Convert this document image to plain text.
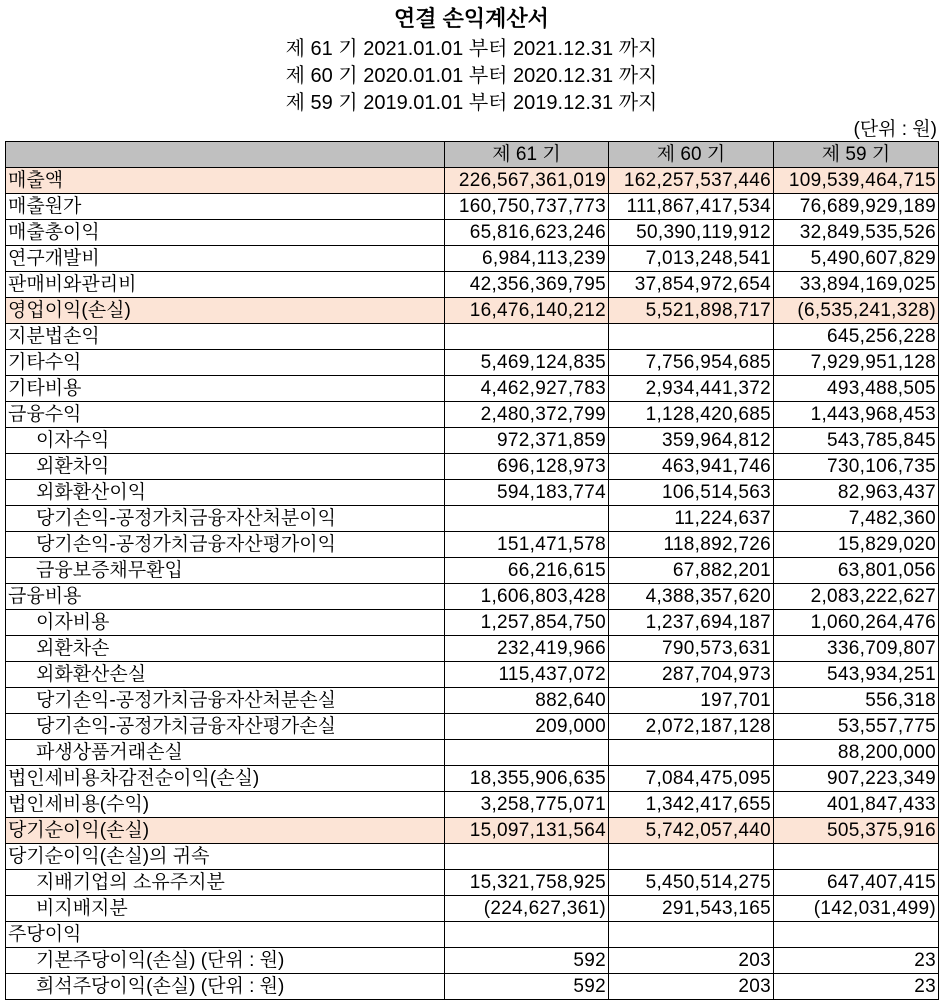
연결 손익계산서
제 61 기 2021.01.01 부터 2021.12.31 까지
제 60 기 2020.01.01 부터 2020.12.31 까지
제 59 기 2019.01.01 부터 2019.12.31 까지
(단위 : 원)
	제 61 기	제 60 기	제 59 기
매출액	226,567,361,019	162,257,537,446	109,539,464,715
매출원가	160,750,737,773	111,867,417,534	76,689,929,189
매출총이익	65,816,623,246	50,390,119,912	32,849,535,526
연구개발비	6,984,113,239	7,013,248,541	5,490,607,829
판매비와관리비	42,356,369,795	37,854,972,654	33,894,169,025
영업이익(손실)	16,476,140,212	5,521,898,717	(6,535,241,328)
지분법손익			645,256,228
기타수익	5,469,124,835	7,756,954,685	7,929,951,128
기타비용	4,462,927,783	2,934,441,372	493,488,505
금융수익	2,480,372,799	1,128,420,685	1,443,968,453
이자수익	972,371,859	359,964,812	543,785,845
외환차익	696,128,973	463,941,746	730,106,735
외화환산이익	594,183,774	106,514,563	82,963,437
당기손익-공정가치금융자산처분이익		11,224,637	7,482,360
당기손익-공정가치금융자산평가이익	151,471,578	118,892,726	15,829,020
금융보증채무환입	66,216,615	67,882,201	63,801,056
금융비용	1,606,803,428	4,388,357,620	2,083,222,627
이자비용	1,257,854,750	1,237,694,187	1,060,264,476
외환차손	232,419,966	790,573,631	336,709,807
외화환산손실	115,437,072	287,704,973	543,934,251
당기손익-공정가치금융자산처분손실	882,640	197,701	556,318
당기손익-공정가치금융자산평가손실	209,000	2,072,187,128	53,557,775
파생상품거래손실			88,200,000
법인세비용차감전순이익(손실)	18,355,906,635	7,084,475,095	907,223,349
법인세비용(수익)	3,258,775,071	1,342,417,655	401,847,433
당기순이익(손실)	15,097,131,564	5,742,057,440	505,375,916
당기순이익(손실)의 귀속			
지배기업의 소유주지분	15,321,758,925	5,450,514,275	647,407,415
비지배지분	(224,627,361)	291,543,165	(142,031,499)
주당이익			
기본주당이익(손실) (단위 : 원)	592	203	23
희석주당이익(손실) (단위 : 원)	592	203	23
